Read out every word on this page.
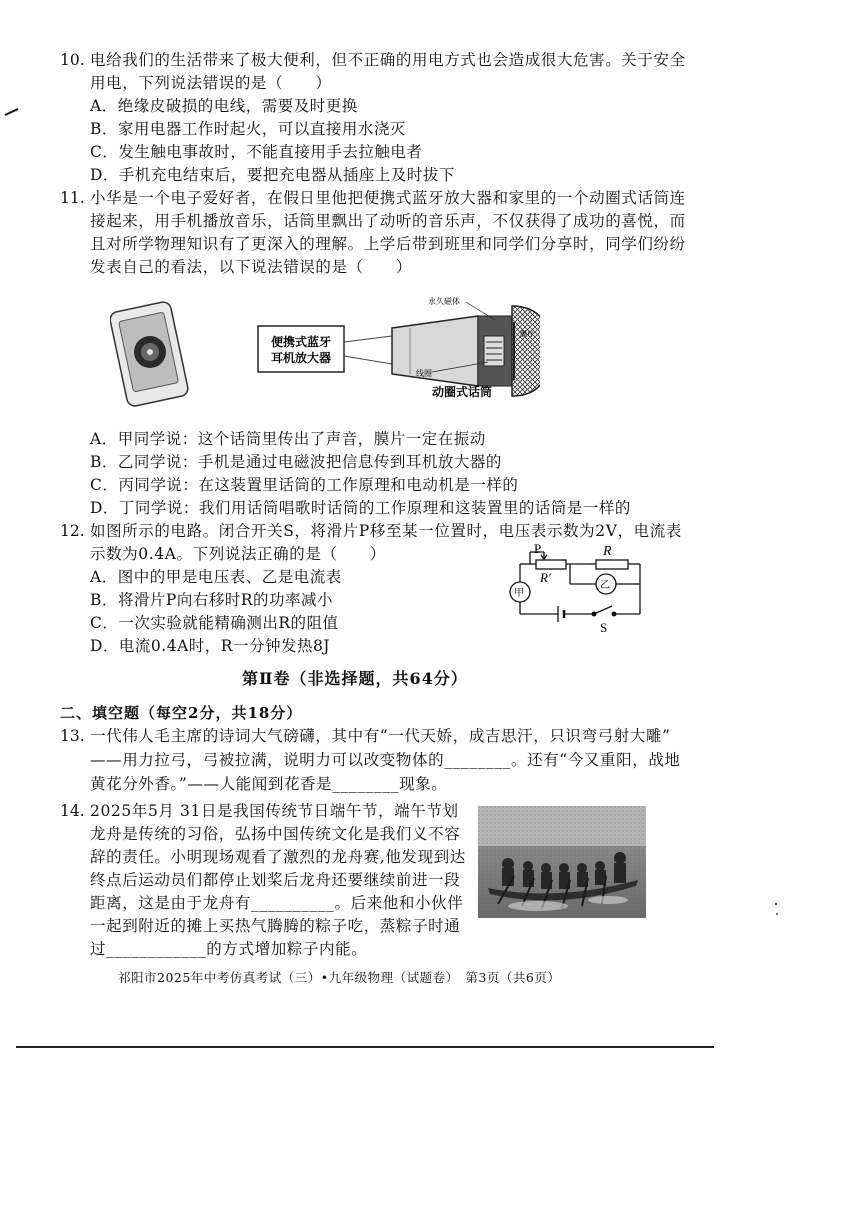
10. 电给我们的生活带来了极大便利，但不正确的用电方式也会造成很大危害。关于安全
用电，下列说法错误的是（　　）
A．绝缘皮破损的电线，需要及时更换
B．家用电器工作时起火，可以直接用水浇灭
C．发生触电事故时，不能直接用手去拉触电者
D．手机充电结束后，要把充电器从插座上及时拔下
11. 小华是一个电子爱好者，在假日里他把便携式蓝牙放大器和家里的一个动圈式话筒连
接起来，用手机播放音乐，话筒里飘出了动听的音乐声，不仅获得了成功的喜悦，而
且对所学物理知识有了更深入的理解。上学后带到班里和同学们分享时，同学们纷纷
发表自己的看法，以下说法错误的是（　　）
便携式蓝牙
耳机放大器
永久磁体
膜片
线圈
动圈式话筒
A．甲同学说：这个话筒里传出了声音，膜片一定在振动
B．乙同学说：手机是通过电磁波把信息传到耳机放大器的
C．丙同学说：在这装置里话筒的工作原理和电动机是一样的
D．丁同学说：我们用话筒唱歌时话筒的工作原理和这装置里的话筒是一样的
12. 如图所示的电路。闭合开关S，将滑片P移至某一位置时，电压表示数为2V，电流表
示数为0.4A。下列说法正确的是（　　）
A．图中的甲是电压表、乙是电流表
B．将滑片P向右移时R的功率减小
C．一次实验就能精确测出R的阻值
D．电流0.4A时，R一分钟发热8J
P	R
R′
甲
乙
S
第Ⅱ卷（非选择题，共64分）
二、填空题（每空2分，共18分）
13. 一代伟人毛主席的诗词大气磅礴，其中有“一代天娇，成吉思汗，只识弯弓射大雕”
——用力拉弓，弓被拉满，说明力可以改变物体的________。还有“今又重阳，战地
黄花分外香。”——人能闻到花香是________现象。
14. 2025年5月 31日是我国传统节日端午节，端午节划
龙舟是传统的习俗，弘扬中国传统文化是我们义不容
辞的责任。小明现场观看了激烈的龙舟赛,他发现到达
终点后运动员们都停止划桨后龙舟还要继续前进一段
距离，这是由于龙舟有__________。后来他和小伙伴
一起到附近的摊上买热气腾腾的粽子吃，蒸粽子时通
过____________的方式增加粽子内能。
祁阳市2025年中考仿真考试（三）•九年级物理（试题卷）　第3页（共6页）
